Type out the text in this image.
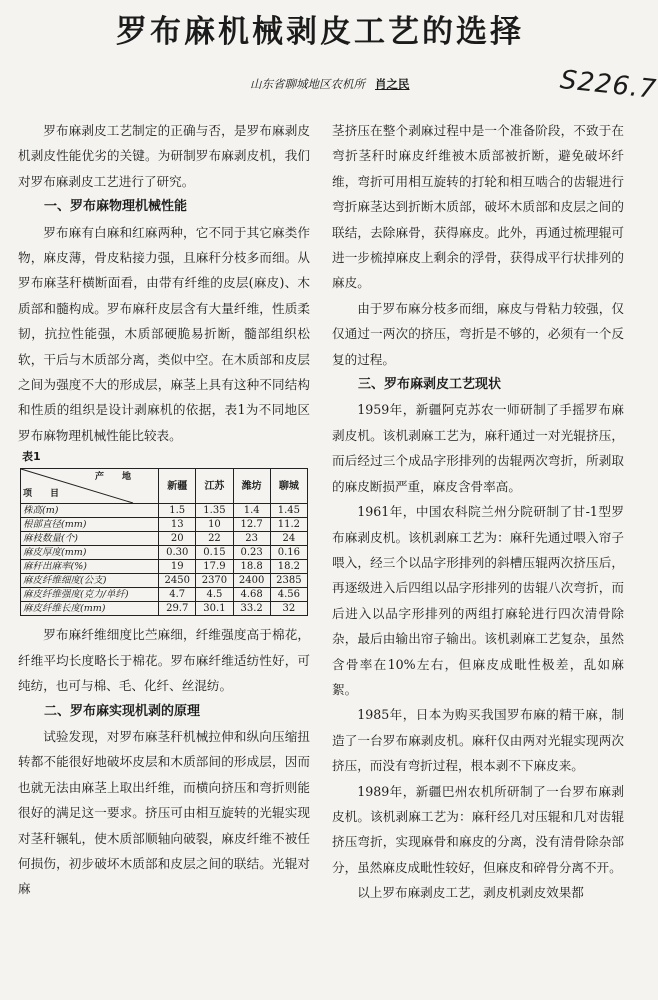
罗布麻机械剥皮工艺的选择
山东省聊城地区农机所 肖之民	S226.7

罗布麻剥皮工艺制定的正确与否，是罗布麻剥皮机剥皮性能优劣的关键。为研制罗布麻剥皮机，我们对罗布麻剥皮工艺进行了研究。

一、罗布麻物理机械性能

罗布麻有白麻和红麻两种，它不同于其它麻类作物，麻皮薄，骨皮粘接力强，且麻秆分枝多而细。从罗布麻茎秆横断面看，由带有纤维的皮层(麻皮)、木质部和髓构成。罗布麻秆皮层含有大量纤维，性质柔韧，抗拉性能强，木质部硬脆易折断，髓部组织松软，干后与木质部分离，类似中空。在木质部和皮层之间为强度不大的形成层，麻茎上具有这种不同结构和性质的组织是设计剥麻机的依据，表1为不同地区罗布麻物理机械性能比较表。

表1
产　　地
项　　目	新疆	江苏	潍坊	聊城
株高(m)	1.5	1.35	1.4	1.45
根部直径(mm)	13	10	12.7	11.2
麻枝数量(个)	20	22	23	24
麻皮厚度(mm)	0.30	0.15	0.23	0.16
麻秆出麻率(%)	19	17.9	18.8	18.2
麻皮纤维细度(公支)	2450	2370	2400	2385
麻皮纤维强度(克力/单纤)	4.7	4.5	4.68	4.56
麻皮纤维长度(mm)	29.7	30.1	33.2	32

罗布麻纤维细度比苎麻细，纤维强度高于棉花，纤维平均长度略长于棉花。罗布麻纤维适纺性好，可纯纺，也可与棉、毛、化纤、丝混纺。

二、罗布麻实现机剥的原理

试验发现，对罗布麻茎秆机械拉伸和纵向压缩扭转都不能很好地破坏皮层和木质部间的形成层，因而也就无法由麻茎上取出纤维，而横向挤压和弯折则能很好的满足这一要求。挤压可由相互旋转的光辊实现对茎秆辗轧，使木质部顺轴向破裂，麻皮纤维不被任何损伤，初步破坏木质部和皮层之间的联结。光辊对麻

茎挤压在整个剥麻过程中是一个准备阶段，不致于在弯折茎秆时麻皮纤维被木质部被折断，避免破坏纤维，弯折可用相互旋转的打轮和相互啮合的齿辊进行弯折麻茎达到折断木质部，破坏木质部和皮层之间的联结，去除麻骨，获得麻皮。此外，再通过梳理辊可进一步梳掉麻皮上剩余的浮骨，获得成平行状排列的麻皮。

由于罗布麻分枝多而细，麻皮与骨粘力较强，仅仅通过一两次的挤压，弯折是不够的，必须有一个反复的过程。

三、罗布麻剥皮工艺现状

1959年，新疆阿克苏农一师研制了手摇罗布麻剥皮机。该机剥麻工艺为，麻秆通过一对光辊挤压，而后经过三个成品字形排列的齿辊两次弯折，所剥取的麻皮断损严重，麻皮含骨率高。

1961年，中国农科院兰州分院研制了甘-1型罗布麻剥皮机。该机剥麻工艺为：麻秆先通过喂入帘子喂入，经三个以品字形排列的斜槽压辊两次挤压后，再逐级进入后四组以品字形排列的齿辊八次弯折，而后进入以品字形排列的两组打麻轮进行四次清骨除杂，最后由输出帘子输出。该机剥麻工艺复杂，虽然含骨率在10%左右，但麻皮成毗性极差，乱如麻絮。

1985年，日本为购买我国罗布麻的精干麻，制造了一台罗布麻剥皮机。麻秆仅由两对光辊实现两次挤压，而没有弯折过程，根本剥不下麻皮来。

1989年，新疆巴州农机所研制了一台罗布麻剥皮机。该机剥麻工艺为：麻秆经几对压辊和几对齿辊挤压弯折，实现麻骨和麻皮的分离，没有清骨除杂部分，虽然麻皮成毗性较好，但麻皮和碎骨分离不开。

以上罗布麻剥皮工艺，剥皮机剥皮效果都
